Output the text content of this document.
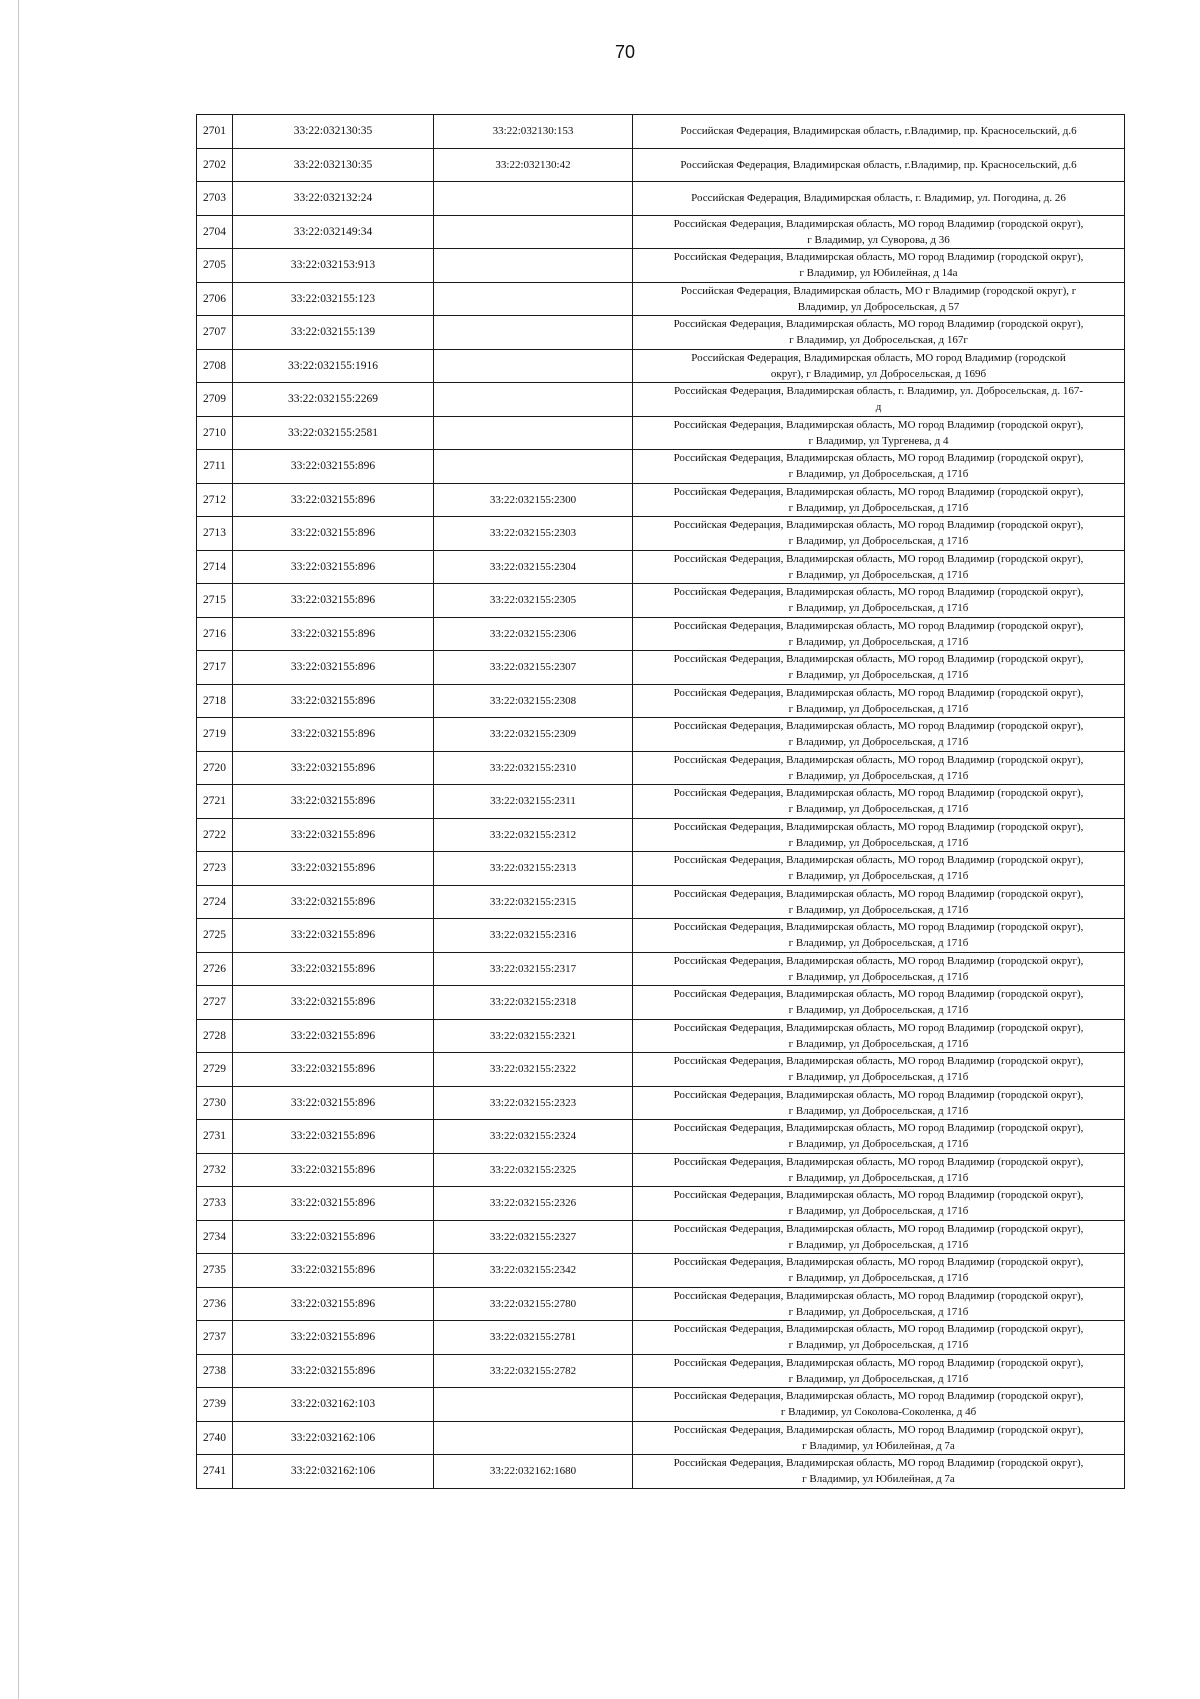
70
2701	33:22:032130:35	33:22:032130:153	Российская Федерация, Владимирская область, г.Владимир, пр. Красносельский, д.6

2702	33:22:032130:35	33:22:032130:42	Российская Федерация, Владимирская область, г.Владимир, пр. Красносельский, д.6

2703	33:22:032132:24		Российская Федерация, Владимирская область, г. Владимир, ул. Погодина, д. 26

2704	33:22:032149:34		Российская Федерация, Владимирская область, МО город Владимир (городской округ),
г Владимир, ул Суворова, д 36

2705	33:22:032153:913		Российская Федерация, Владимирская область, МО город Владимир (городской округ),
г Владимир, ул Юбилейная, д 14а

2706	33:22:032155:123		Российская Федерация, Владимирская область, МО г Владимир (городской округ), г
Владимир, ул Добросельская, д 57

2707	33:22:032155:139		Российская Федерация, Владимирская область, МО город Владимир (городской округ),
г Владимир, ул Добросельская, д 167г

2708	33:22:032155:1916		Российская Федерация, Владимирская область, МО город Владимир (городской
округ), г Владимир, ул Добросельская, д 169б

2709	33:22:032155:2269		Российская Федерация, Владимирская область, г. Владимир, ул. Добросельская, д. 167-
д

2710	33:22:032155:2581		Российская Федерация, Владимирская область, МО город Владимир (городской округ),
г Владимир, ул Тургенева, д 4

2711	33:22:032155:896		Российская Федерация, Владимирская область, МО город Владимир (городской округ),
г Владимир, ул Добросельская, д 171б

2712	33:22:032155:896	33:22:032155:2300	Российская Федерация, Владимирская область, МО город Владимир (городской округ),
г Владимир, ул Добросельская, д 171б

2713	33:22:032155:896	33:22:032155:2303	Российская Федерация, Владимирская область, МО город Владимир (городской округ),
г Владимир, ул Добросельская, д 171б

2714	33:22:032155:896	33:22:032155:2304	Российская Федерация, Владимирская область, МО город Владимир (городской округ),
г Владимир, ул Добросельская, д 171б

2715	33:22:032155:896	33:22:032155:2305	Российская Федерация, Владимирская область, МО город Владимир (городской округ),
г Владимир, ул Добросельская, д 171б

2716	33:22:032155:896	33:22:032155:2306	Российская Федерация, Владимирская область, МО город Владимир (городской округ),
г Владимир, ул Добросельская, д 171б

2717	33:22:032155:896	33:22:032155:2307	Российская Федерация, Владимирская область, МО город Владимир (городской округ),
г Владимир, ул Добросельская, д 171б

2718	33:22:032155:896	33:22:032155:2308	Российская Федерация, Владимирская область, МО город Владимир (городской округ),
г Владимир, ул Добросельская, д 171б

2719	33:22:032155:896	33:22:032155:2309	Российская Федерация, Владимирская область, МО город Владимир (городской округ),
г Владимир, ул Добросельская, д 171б

2720	33:22:032155:896	33:22:032155:2310	Российская Федерация, Владимирская область, МО город Владимир (городской округ),
г Владимир, ул Добросельская, д 171б

2721	33:22:032155:896	33:22:032155:2311	Российская Федерация, Владимирская область, МО город Владимир (городской округ),
г Владимир, ул Добросельская, д 171б

2722	33:22:032155:896	33:22:032155:2312	Российская Федерация, Владимирская область, МО город Владимир (городской округ),
г Владимир, ул Добросельская, д 171б

2723	33:22:032155:896	33:22:032155:2313	Российская Федерация, Владимирская область, МО город Владимир (городской округ),
г Владимир, ул Добросельская, д 171б

2724	33:22:032155:896	33:22:032155:2315	Российская Федерация, Владимирская область, МО город Владимир (городской округ),
г Владимир, ул Добросельская, д 171б

2725	33:22:032155:896	33:22:032155:2316	Российская Федерация, Владимирская область, МО город Владимир (городской округ),
г Владимир, ул Добросельская, д 171б

2726	33:22:032155:896	33:22:032155:2317	Российская Федерация, Владимирская область, МО город Владимир (городской округ),
г Владимир, ул Добросельская, д 171б

2727	33:22:032155:896	33:22:032155:2318	Российская Федерация, Владимирская область, МО город Владимир (городской округ),
г Владимир, ул Добросельская, д 171б

2728	33:22:032155:896	33:22:032155:2321	Российская Федерация, Владимирская область, МО город Владимир (городской округ),
г Владимир, ул Добросельская, д 171б

2729	33:22:032155:896	33:22:032155:2322	Российская Федерация, Владимирская область, МО город Владимир (городской округ),
г Владимир, ул Добросельская, д 171б

2730	33:22:032155:896	33:22:032155:2323	Российская Федерация, Владимирская область, МО город Владимир (городской округ),
г Владимир, ул Добросельская, д 171б

2731	33:22:032155:896	33:22:032155:2324	Российская Федерация, Владимирская область, МО город Владимир (городской округ),
г Владимир, ул Добросельская, д 171б

2732	33:22:032155:896	33:22:032155:2325	Российская Федерация, Владимирская область, МО город Владимир (городской округ),
г Владимир, ул Добросельская, д 171б

2733	33:22:032155:896	33:22:032155:2326	Российская Федерация, Владимирская область, МО город Владимир (городской округ),
г Владимир, ул Добросельская, д 171б

2734	33:22:032155:896	33:22:032155:2327	Российская Федерация, Владимирская область, МО город Владимир (городской округ),
г Владимир, ул Добросельская, д 171б

2735	33:22:032155:896	33:22:032155:2342	Российская Федерация, Владимирская область, МО город Владимир (городской округ),
г Владимир, ул Добросельская, д 171б

2736	33:22:032155:896	33:22:032155:2780	Российская Федерация, Владимирская область, МО город Владимир (городской округ),
г Владимир, ул Добросельская, д 171б

2737	33:22:032155:896	33:22:032155:2781	Российская Федерация, Владимирская область, МО город Владимир (городской округ),
г Владимир, ул Добросельская, д 171б

2738	33:22:032155:896	33:22:032155:2782	Российская Федерация, Владимирская область, МО город Владимир (городской округ),
г Владимир, ул Добросельская, д 171б

2739	33:22:032162:103		Российская Федерация, Владимирская область, МО город Владимир (городской округ),
г Владимир, ул Соколова-Соколенка, д 4б

2740	33:22:032162:106		Российская Федерация, Владимирская область, МО город Владимир (городской округ),
г Владимир, ул Юбилейная, д 7а

2741	33:22:032162:106	33:22:032162:1680	Российская Федерация, Владимирская область, МО город Владимир (городской округ),
г Владимир, ул Юбилейная, д 7а
